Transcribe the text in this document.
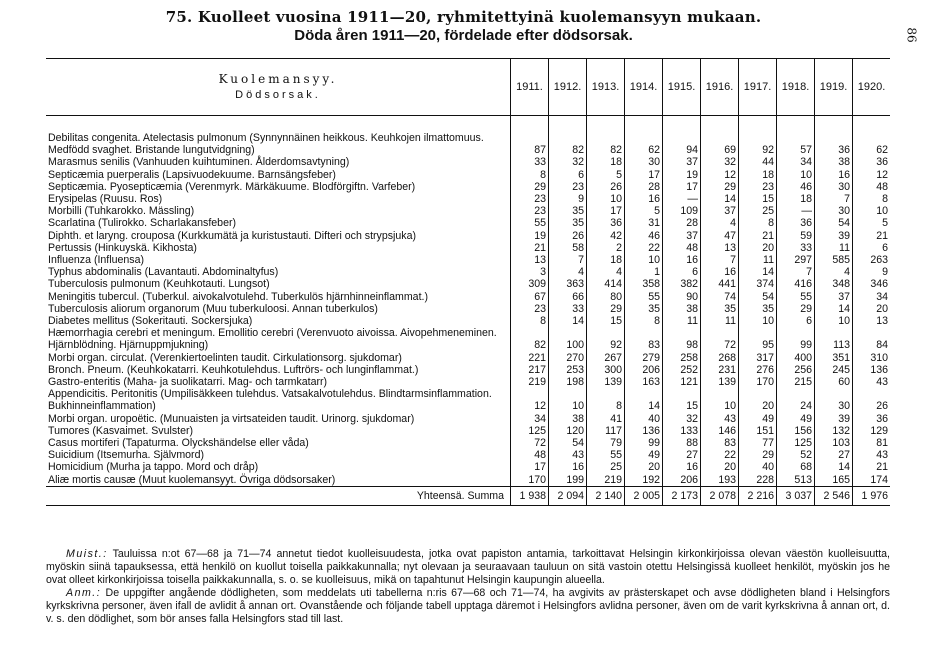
86
75. Kuolleet vuosina 1911—20, ryhmitettyinä kuolemansyyn mukaan.
Döda åren 1911—20, fördelade efter dödsorsak.
Kuolemansyy.
Dödsorsak.	1911.	1912.	1913.	1914.	1915.	1916.	1917.	1918.	1919.	1920.
Debilitas congenita. Atelectasis pulmonum (Synnynnäinen heikkous. Keuhkojen ilmattomuus. Medfödd svaghet. Bristande lungutvidgning)	87	82	82	62	94	69	92	57	36	62
Marasmus senilis (Vanhuuden kuihtuminen. Ålderdomsavtyning)	33	32	18	30	37	32	44	34	38	36
Septicæmia puerperalis (Lapsivuodekuume. Barnsängsfeber)	8	6	5	17	19	12	18	10	16	12
Septicæmia. Pyosepticæmia (Verenmyrk. Märkäkuume. Blodförgiftn. Varfeber)	29	23	26	28	17	29	23	46	30	48
Erysipelas (Ruusu. Ros)	23	9	10	16	—	14	15	18	7	8
Morbilli (Tuhkarokko. Mässling)	23	35	17	5	109	37	25	—	30	10
Scarlatina (Tulirokko. Scharlakansfeber)	55	35	36	31	28	4	8	36	54	5
Diphth. et laryng. crouposa (Kurkkumätä ja kuristustauti. Difteri och strypsjuka)	19	26	42	46	37	47	21	59	39	21
Pertussis (Hinkuyskä. Kikhosta)	21	58	2	22	48	13	20	33	11	6
Influenza (Influensa)	13	7	18	10	16	7	11	297	585	263
Typhus abdominalis (Lavantauti. Abdominaltyfus)	3	4	4	1	6	16	14	7	4	9
Tuberculosis pulmonum (Keuhkotauti. Lungsot)	309	363	414	358	382	441	374	416	348	346
Meningitis tubercul. (Tuberkul. aivokalvotulehd. Tuberkulös hjärnhinneinflammat.)	67	66	80	55	90	74	54	55	37	34
Tuberculosis aliorum organorum (Muu tuberkuloosi. Annan tuberkulos)	23	33	29	35	38	35	35	29	14	20
Diabetes mellitus (Sokeritauti. Sockersjuka)	8	14	15	8	11	11	10	6	10	13
Hæmorrhagia cerebri et meningum. Emollitio cerebri (Verenvuoto aivoissa. Aivopehmeneminen. Hjärnblödning. Hjärnuppmjukning)	82	100	92	83	98	72	95	99	113	84
Morbi organ. circulat. (Verenkiertoelinten taudit. Cirkulationsorg. sjukdomar)	221	270	267	279	258	268	317	400	351	310
Bronch. Pneum. (Keuhkokatarri. Keuhkotulehdus. Luftrörs- och lunginflammat.)	217	253	300	206	252	231	276	256	245	136
Gastro-enteritis (Maha- ja suolikatarri. Mag- och tarmkatarr)	219	198	139	163	121	139	170	215	60	43
Appendicitis. Peritonitis (Umpilisäkkeen tulehdus. Vatsakalvotulehdus. Blindtarmsinflammation. Bukhinneinflammation)	12	10	8	14	15	10	20	24	30	26
Morbi organ. uropoëtic. (Munuaisten ja virtsateiden taudit. Urinorg. sjukdomar)	34	38	41	40	32	43	49	49	39	36
Tumores (Kasvaimet. Svulster)	125	120	117	136	133	146	151	156	132	129
Casus mortiferi (Tapaturma. Olyckshändelse eller våda)	72	54	79	99	88	83	77	125	103	81
Suicidium (Itsemurha. Självmord)	48	43	55	49	27	22	29	52	27	43
Homicidium (Murha ja tappo. Mord och dråp)	17	16	25	20	16	20	40	68	14	21
Aliæ mortis causæ (Muut kuolemansyyt. Övriga dödsorsaker)	170	199	219	192	206	193	228	513	165	174
Yhteensä. Summa	1 938	2 094	2 140	2 005	2 173	2 078	2 216	3 037	2 546	1 976

Muist.: Tauluissa n:ot 67—68 ja 71—74 annetut tiedot kuolleisuudesta, jotka ovat papiston antamia, tarkoittavat Helsingin kirkonkirjoissa olevan väestön kuolleisuutta, myöskin siinä tapauksessa, että henkilö on kuollut toisella paikkakunnalla; nyt olevaan ja seuraavaan tauluun on sitä vastoin otettu Helsingissä kuolleet henkilöt, myöskin jos he ovat olleet kirkonkirjoissa toisella paikkakunnalla, s. o. se kuolleisuus, mikä on tapahtunut Helsingin kaupungin alueella.

Anm.: De uppgifter angående dödligheten, som meddelats uti tabellerna n:ris 67—68 och 71—74, ha avgivits av prästerskapet och avse dödligheten bland i Helsingfors kyrkskrivna personer, även ifall de avlidit å annan ort. Ovanstående och följande tabell upptaga däremot i Helsingfors avlidna personer, även om de varit kyrkskrivna å annan ort, d. v. s. den dödlighet, som bör anses falla Helsingfors stad till last.
